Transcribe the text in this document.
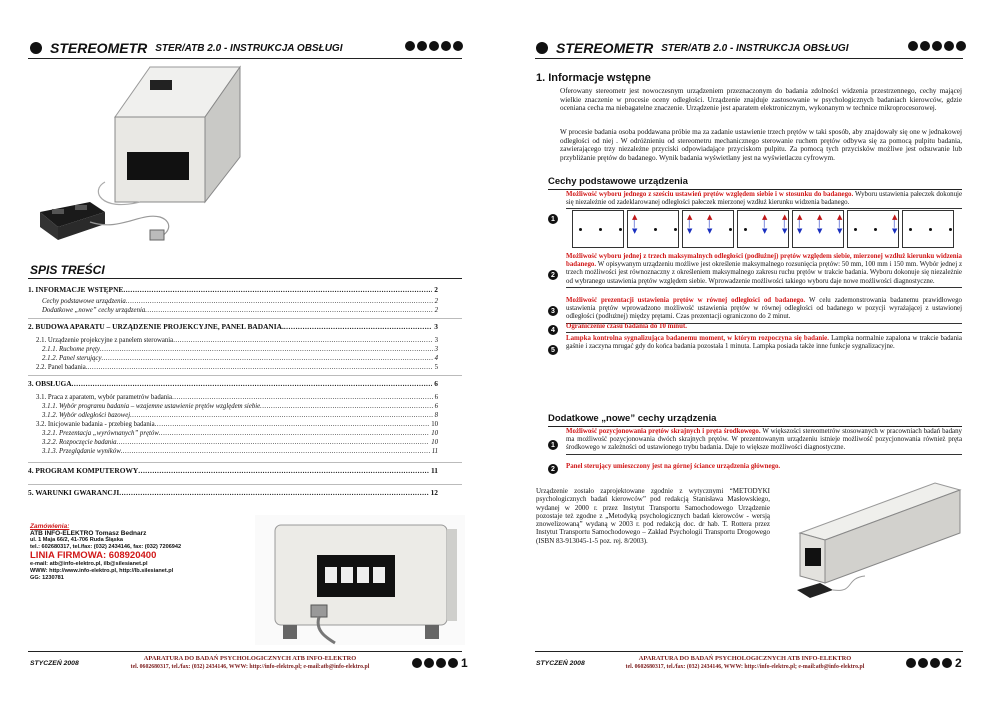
STEREOMETR STER/ATB 2.0 - INSTRUKCJA OBSŁUGI
SPIS TREŚCI
1. INFORMACJE WSTĘPNE .....	2
Cechy podstawowe urządzenia .....	2
Dodatkowe „nowe” cechy urządzenia .....	2
2. BUDOWA APARATU – URZĄDZENIE PROJEKCYJNE, PANEL BADANIA. .....	3
2.1. Urządzenie projekcyjne z panelem sterowania .....	3
2.1.1. Ruchome pręty .....	3
2.1.2. Panel sterujący .....	4
2.2. Panel badania. .....	5
3. OBSŁUGA .....	6
3.1. Praca z aparatem, wybór parametrów badania .....	6
3.1.1. Wybór programu badania – wzajemne ustawienie prętów względem siebie .....	6
3.1.2. Wybór odległości bazowej .....	8
3.2. Inicjowanie badania - przebieg badania .....	10
3.2.1. Prezentacja „wyrównanych” prętów .....	10
3.2.2. Rozpoczęcie badania .....	10
3.1.3. Przeglądanie wyników .....	11
4. PROGRAM KOMPUTEROWY .....	11
5. WARUNKI GWARANCJI .....	12
Zamówienia:
ATB INFO-ELEKTRO Tomasz Bednarz
ul. 1 Maja 66/2, 41-706 Ruda Śląska
tel.: 602680317, tel./fax: (032) 2434146, fax: (032) 7206942
LINIA FIRMOWA: 608920400
e-mail: atb@info-elektro.pl, ilb@silesianet.pl
WWW: http://www.info-elektro.pl, http://lb.silesianet.pl
GG: 1230781
STYCZEŃ 2008
APARATURA DO BADAŃ PSYCHOLOGICZNYCH ATB INFO-ELEKTRO
tel. 0602680317, tel./fax: (032) 2434146, WWW: http://info-elektro.pl; e-mail:atb@info-elektro.pl	1
STEREOMETR STER/ATB 2.0 - INSTRUKCJA OBSŁUGI
1. Informacje wstępne
Oferowany stereometr jest nowoczesnym urządzeniem przeznaczonym do badania zdolności widzenia przestrzennego, cechy mającej wielkie znaczenie w procesie oceny odległości. Urządzenie znajduje zastosowanie w psychologicznych badaniach kierowców, gdzie oceniana cecha ma niebagatelne znaczenie. Urządzenie jest aparatem elektronicznym, wykonanym w technice mikroprocesorowej.
W procesie badania osoba poddawana próbie ma za zadanie ustawienie trzech prętów w taki sposób, aby znajdowały się one w jednakowej odległości od niej . W odróżnieniu od stereometru mechanicznego sterowanie ruchem prętów odbywa się za pomocą pulpitu badania, zawierającego trzy niezależne przyciski odpowiadające przyciskom pulpitu. Za pomocą tych przycisków możliwe jest odsuwanie lub przybliżanie prętów do badanego. Wynik badania wyświetlany jest na wyświetlaczu cyfrowym.
Cechy podstawowe urządzenia
Możliwość wyboru jednego z sześciu ustawień prętów względem siebie i w stosunku do badanego. Wyboru ustawienia pałeczek dokonuje się niezależnie od zadeklarowanej odległości pałeczek mierzonej wzdłuż kierunku widzenia badanego.
1	▲
│
▼
▲
│
▼
▲
│
▼
▲
│
▼
▲
│
▼
▲
│
▼
▲
│
▼
▲
│
▼
▲
│
▼
Możliwość wyboru jednej z trzech maksymalnych odległości (podłużnej) prętów względem siebie, mierzonej wzdłuż kierunku widzenia badanego. W opisywanym urządzeniu możliwe jest określenie maksymalnego rozsunięcia prętów: 50 mm, 100 mm i 150 mm. Wybór jednej z trzech możliwości jest równoznaczny z określeniem maksymalnego zakresu ruchu prętów w trakcie badania. Wyboru dokonuje się niezależnie od wybranego ustawienia prętów względem siebie. Wprowadzenie możliwości takiego wyboru daje nowe możliwości diagnostyczne.
2
Możliwość prezentacji ustawienia prętów w równej odległości od badanego. W celu zademonstrowania badanemu prawidłowego ustawienia prętów wprowadzono możliwość ustawienia prętów w równej odległości od badanego w pozycji wyrażającej z ustawionej odległości (podłużnej) między prętami. Czas prezentacji ograniczono do 2 minut.
3
Ograniczenie czasu badania do 10 minut.
4
Lampka kontrolna sygnalizująca badanemu moment, w którym rozpoczyna się badanie. Lampka normalnie zapalona w trakcie badania gaśnie i zaczyna mrugać gdy do końca badania pozostała 1 minuta. Lampka posiada także inne funkcje sygnalizacyjne.
5
Dodatkowe „nowe” cechy urządzenia
Możliwość pozycjonowania prętów skrajnych i pręta środkowego. W większości stereometrów stosowanych w pracowniach badań badany ma możliwość pozycjonowania dwóch skrajnych prętów. W prezentowanym urządzeniu istnieje możliwość pozycjonowania również pręta środkowego w zależności od ustawionego trybu badania. Daje to większe możliwości diagnostyczne.
1
Panel sterujący umieszczony jest na górnej ściance urządzenia głównego.
2
Urządzenie zostało zaprojektowane zgodnie z wytycznymi “METODYKI psychologicznych badań kierowców” pod redakcją Stanisława Masłowskiego, wydanej w 2000 r. przez Instytut Transportu Samochodowego Urządzenie pozostaje też zgodne z „Metodyką psychologicznych badań kierowców - wersją znowelizowaną” wydaną w 2003 r. pod redakcją doc. dr hab. T. Rottera przez Instytut Transportu Samochodowego – Zakład Psychologii Transportu Drogowego (ISBN 83-913045-1-5 poz. rej. 8/2003).
STYCZEŃ 2008
APARATURA DO BADAŃ PSYCHOLOGICZNYCH ATB INFO-ELEKTRO
tel. 0602680317, tel./fax: (032) 2434146, WWW: http://info-elektro.pl; e-mail:atb@info-elektro.pl	2
